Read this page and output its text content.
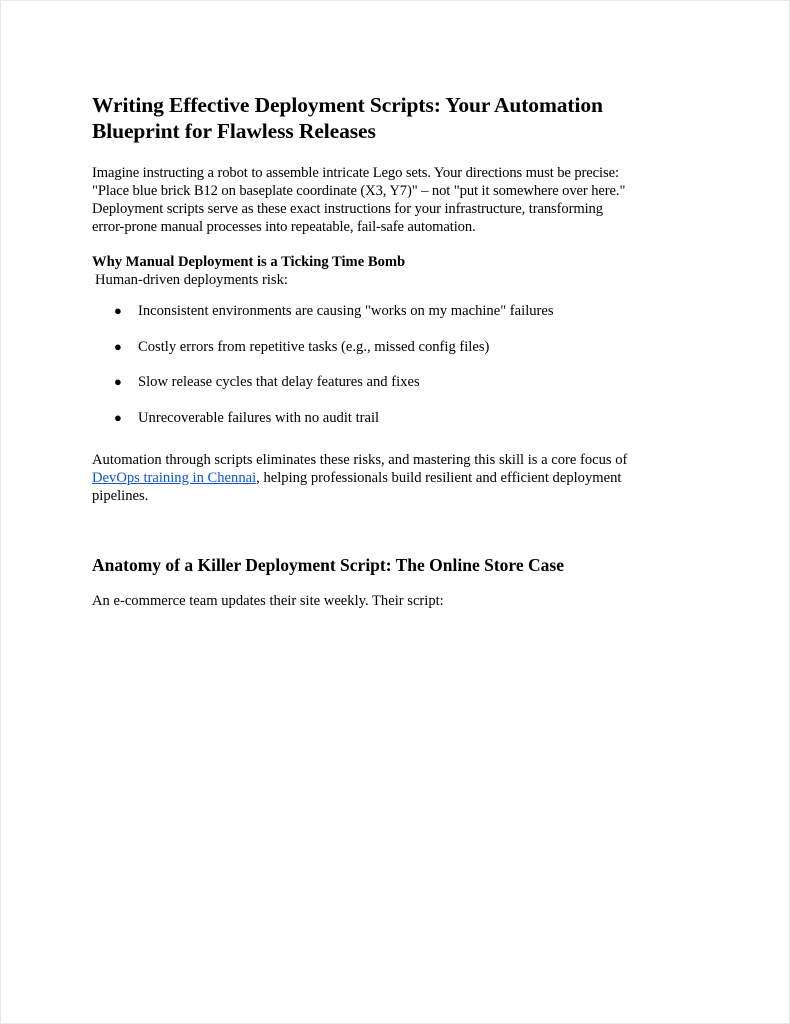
Writing Effective Deployment Scripts: Your Automation
Blueprint for Flawless Releases

Imagine instructing a robot to assemble intricate Lego sets. Your directions must be precise:
"Place blue brick B12 on baseplate coordinate (X3, Y7)" – not "put it somewhere over here."
Deployment scripts serve as these exact instructions for your infrastructure, transforming
error-prone manual processes into repeatable, fail-safe automation.

Why Manual Deployment is a Ticking Time Bomb

Human-driven deployments risk:

● Inconsistent environments are causing "works on my machine" failures
● Costly errors from repetitive tasks (e.g., missed config files)
● Slow release cycles that delay features and fixes
● Unrecoverable failures with no audit trail

Automation through scripts eliminates these risks, and mastering this skill is a core focus of
DevOps training in Chennai, helping professionals build resilient and efficient deployment
pipelines.

Anatomy of a Killer Deployment Script: The Online Store Case

An e-commerce team updates their site weekly. Their script:
